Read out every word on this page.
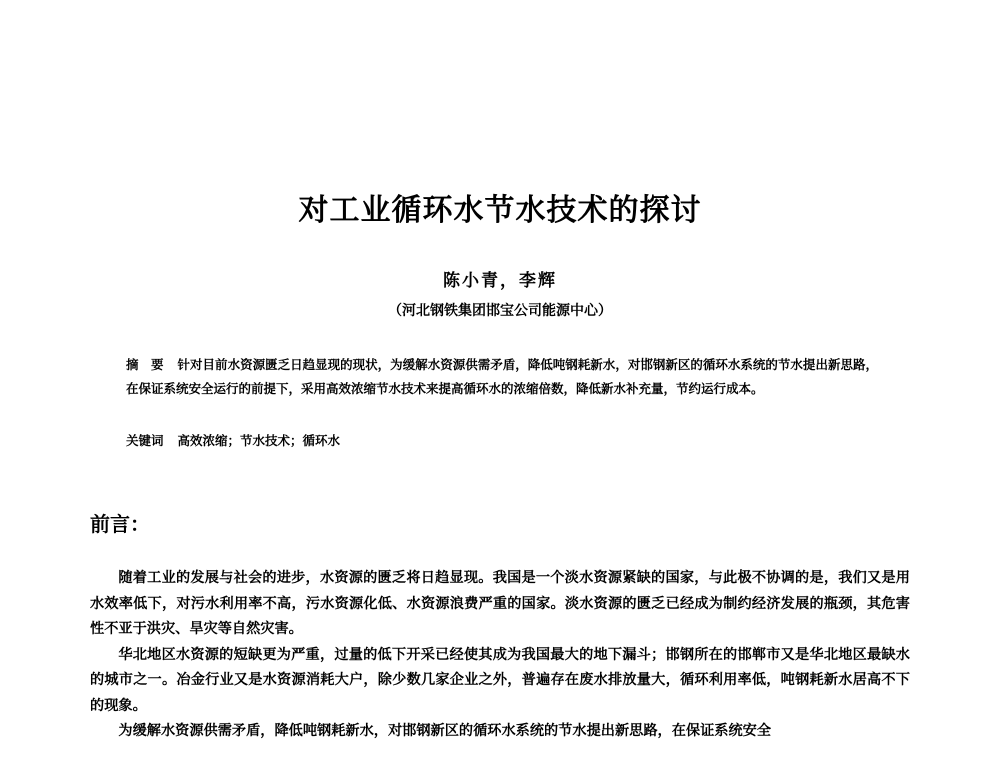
对工业循环水节水技术的探讨
陈小青，李辉
（河北钢铁集团邯宝公司能源中心）
摘　要 针对目前水资源匮乏日趋显现的现状，为缓解水资源供需矛盾，降低吨钢耗新水，对邯钢新区的循环水系统的节水提出新思路，在保证系统安全运行的前提下，采用高效浓缩节水技术来提高循环水的浓缩倍数，降低新水补充量，节约运行成本。
关键词 高效浓缩；节水技术；循环水
前言：

随着工业的发展与社会的进步，水资源的匮乏将日趋显现。我国是一个淡水资源紧缺的国家，与此极不协调的是，我们又是用水效率低下，对污水利用率不高，污水资源化低、水资源浪费严重的国家。淡水资源的匮乏已经成为制约经济发展的瓶颈，其危害性不亚于洪灾、旱灾等自然灾害。

华北地区水资源的短缺更为严重，过量的低下开采已经使其成为我国最大的地下漏斗；邯钢所在的邯郸市又是华北地区最缺水的城市之一。冶金行业又是水资源消耗大户，除少数几家企业之外，普遍存在废水排放量大，循环利用率低，吨钢耗新水居高不下的现象。

为缓解水资源供需矛盾，降低吨钢耗新水，对邯钢新区的循环水系统的节水提出新思路，在保证系统安全
